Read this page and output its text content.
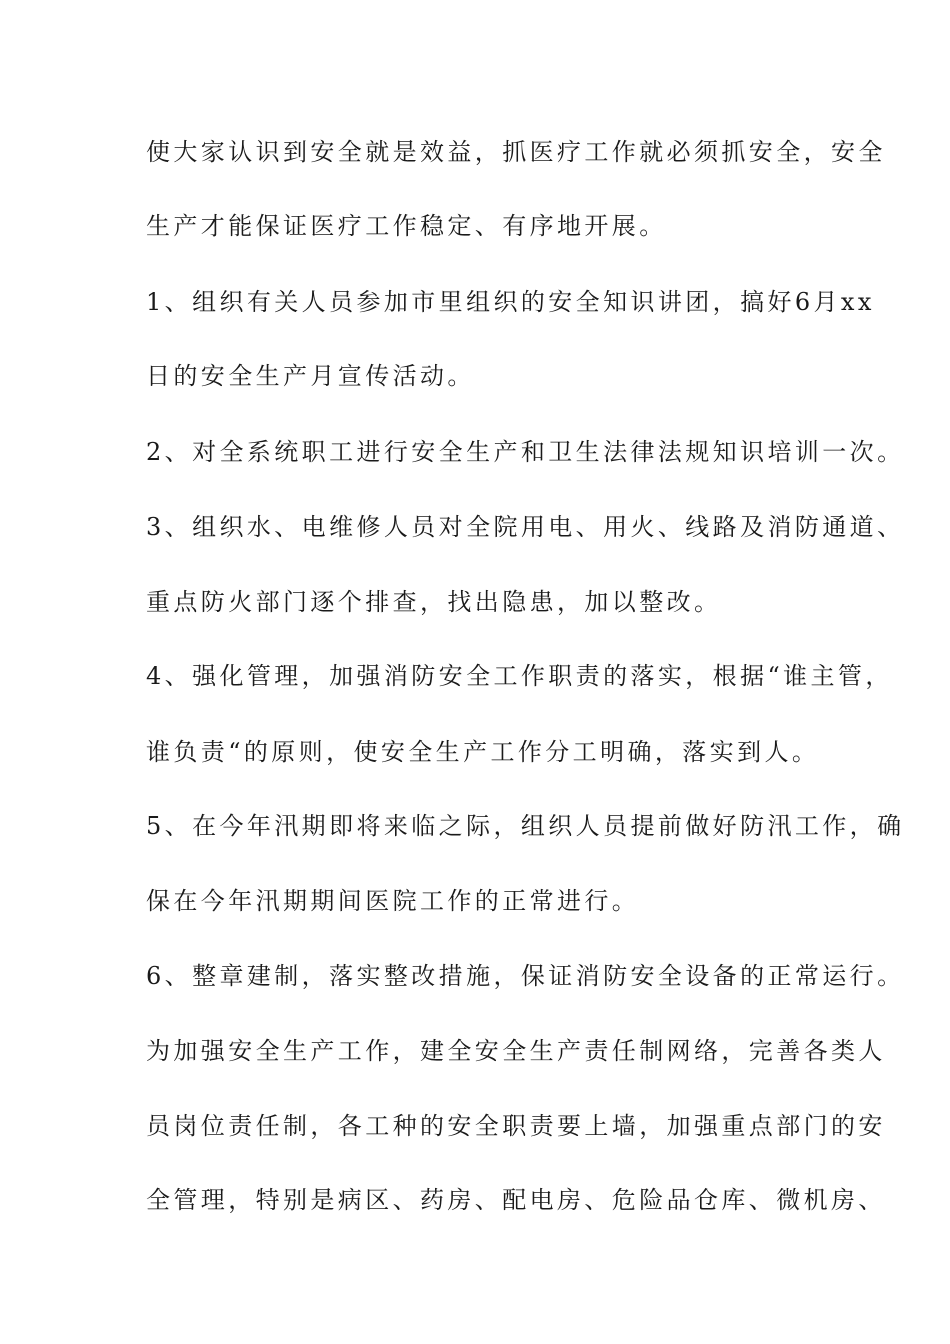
使大家认识到安全就是效益，抓医疗工作就必须抓安全，安全
生产才能保证医疗工作稳定、有序地开展。
1、组织有关人员参加市里组织的安全知识讲团，搞好6月xx
日的安全生产月宣传活动。
2、对全系统职工进行安全生产和卫生法律法规知识培训一次。
3、组织水、电维修人员对全院用电、用火、线路及消防通道、
重点防火部门逐个排查，找出隐患，加以整改。
4、强化管理，加强消防安全工作职责的落实，根据“谁主管，
谁负责“的原则，使安全生产工作分工明确，落实到人。
5、在今年汛期即将来临之际，组织人员提前做好防汛工作，确
保在今年汛期期间医院工作的正常进行。
6、整章建制，落实整改措施，保证消防安全设备的正常运行。
为加强安全生产工作，建全安全生产责任制网络，完善各类人
员岗位责任制，各工种的安全职责要上墙，加强重点部门的安
全管理，特别是病区、药房、配电房、危险品仓库、微机房、
